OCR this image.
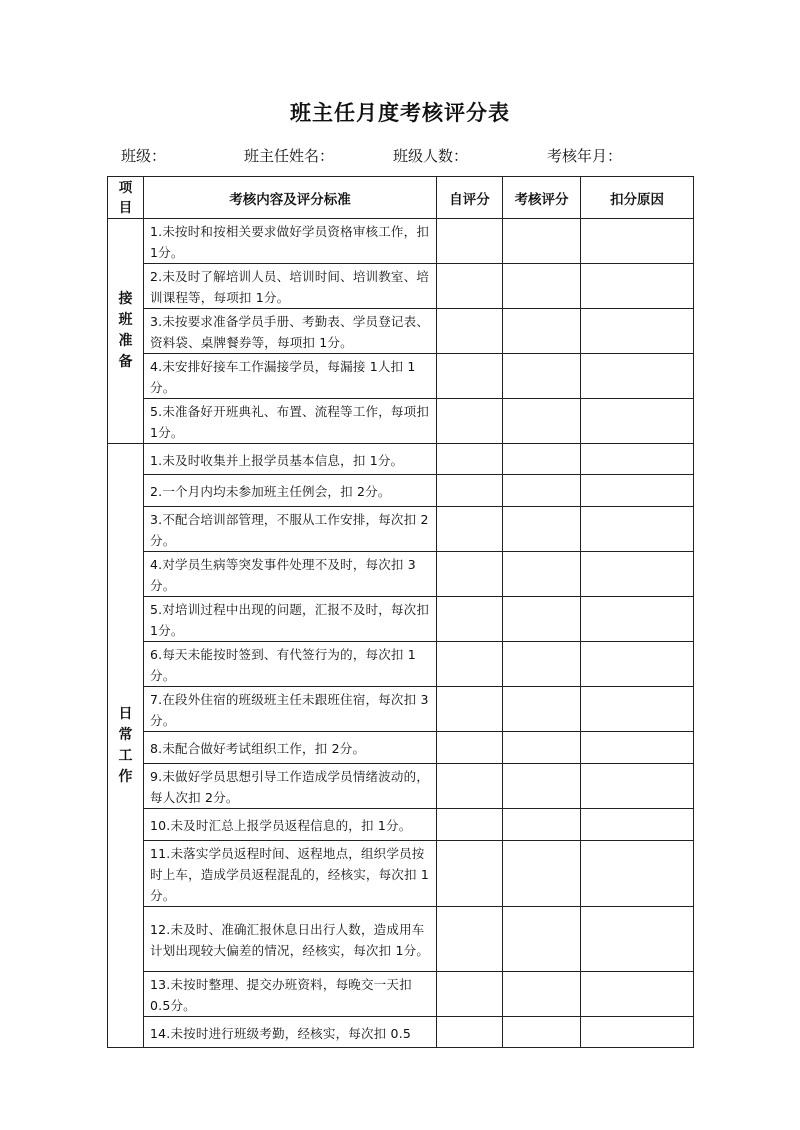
班主任月度考核评分表
班级：	班主任姓名：	班级人数：	考核年月：
项目	考核内容及评分标准	自评分	考核评分	扣分原因
接班准备	1.未按时和按相关要求做好学员资格审核工作，扣 1分。			
	2.未及时了解培训人员、培训时间、培训教室、培训课程等，每项扣 1分。			
	3.未按要求准备学员手册、考勤表、学员登记表、资料袋、桌牌餐券等，每项扣 1分。			
	4.未安排好接车工作漏接学员，每漏接 1人扣 1分。			
	5.未准备好开班典礼、布置、流程等工作，每项扣 1分。			
日常工作	1.未及时收集并上报学员基本信息，扣 1分。			
	2.一个月内均未参加班主任例会，扣 2分。			
	3.不配合培训部管理，不服从工作安排，每次扣 2分。			
	4.对学员生病等突发事件处理不及时，每次扣 3分。			
	5.对培训过程中出现的问题，汇报不及时，每次扣 1分。			
	6.每天未能按时签到、有代签行为的，每次扣 1分。			
	7.在段外住宿的班级班主任未跟班住宿，每次扣 3分。			
	8.未配合做好考试组织工作，扣 2分。			
	9.未做好学员思想引导工作造成学员情绪波动的，每人次扣 2分。			
	10.未及时汇总上报学员返程信息的，扣 1分。			
	11.未落实学员返程时间、返程地点，组织学员按时上车，造成学员返程混乱的，经核实，每次扣 1分。			
	12.未及时、准确汇报休息日出行人数，造成用车计划出现较大偏差的情况，经核实，每次扣 1分。			
	13.未按时整理、提交办班资料，每晚交一天扣 0.5分。			
	14.未按时进行班级考勤，经核实，每次扣 0.5			
